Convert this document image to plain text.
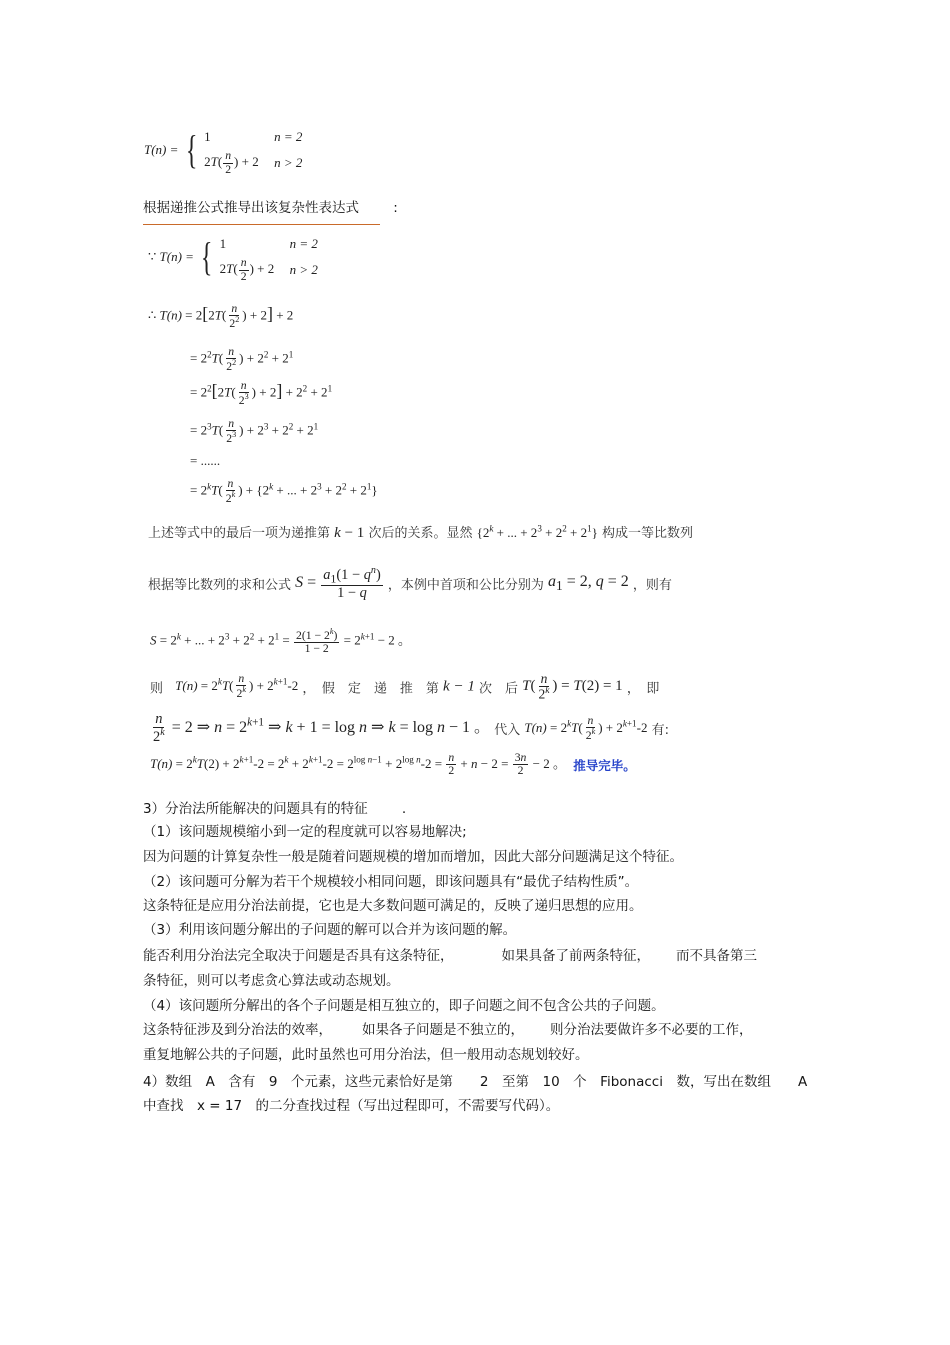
T(n) = { 1	n = 2
$2T( \frac{n}{2}$ ) + 2	n > 2
根据递推公式推导出该复杂性表达式	:
∵ T(n) = { 1	n = 2
$2T( \frac{n}{2}$ ) + 2	n > 2
∴ $T(n) = 2[2T( \frac{n}{2^2}$ ) + 2] + 2
= $2^2T( \frac{n}{2^2}$ ) + $2^2 + 2^1$
= $2^2[2T( \frac{n}{2^3}$ ) + $2] + 2^2 + 2^1$
= $2^3T( \frac{n}{2^3}$ ) + $2^3 + 2^2 + 2^1$
= ......
= $2^kT( \frac{n}{2^k}$ ) + {$2^k$ + ... + $2^3 + 2^2 + 2^1$}
上述等式中的最后一项为递推第 k − 1 次后的关系。显然 {$2^k$ + ... + $2^3 + 2^2 + 2^1$} 构成一等比数列
根据等比数列的求和公式 $S = \frac{a_1(1 - q^n)}{1 - q}$ ，本例中首项和公比分别为 $a_1 = 2$, q = 2 ，则有
$S = 2^k$ + ... + $2^3 + 2^2 + 2^1 = \frac{2(1 - 2^k)}{1 - 2} = 2^{k+1} - 2$ 。
则 $T(n) = 2^kT( \frac{n}{2^k}$ ) + $2^{k+1}-2$ ，　假　定　递　推　第 k − 1 次　后 $T( \frac{n}{2^k}$ ) = T(2) = 1 ，　即
$\frac{n}{2^k} = 2$ ⇒ $n = 2^{k+1}$ ⇒ k + 1 = log n ⇒ k = log n − 1 。 代入 $T(n) = 2^kT( \frac{n}{2^k}$ ) + $2^{k+1}-2$ 有:
$T(n) = 2^kT(2) + 2^{k+1}-2 = 2^k + 2^{k+1}-2 = 2^{log n-1} + 2^{log n}-2 = \frac{n}{2} + n - 2 = \frac{3n}{2} - 2$ 。 推导完毕。
3）分治法所能解决的问题具有的特征	.
（1）该问题规模缩小到一定的程度就可以容易地解决;
因为问题的计算复杂性一般是随着问题规模的增加而增加，因此大部分问题满足这个特征。
（2）该问题可分解为若干个规模较小相同问题，即该问题具有“最优子结构性质”。
这条特征是应用分治法前提，它也是大多数问题可满足的，反映了递归思想的应用。
（3）利用该问题分解出的子问题的解可以合并为该问题的解。
能否利用分治法完全取决于问题是否具有这条特征，	如果具备了前两条特征， 而不具备第三
条特征，则可以考虑贪心算法或动态规划。
（4）该问题所分解出的各个子问题是相互独立的，即子问题之间不包含公共的子问题。
这条特征涉及到分治法的效率， 如果各子问题是不独立的， 则分治法要做许多不必要的工作，
重复地解公共的子问题，此时虽然也可用分治法，但一般用动态规划较好。
4）数组　A　含有　9　个元素，这些元素恰好是第　　2　至第　10　个　Fibonacci　数，写出在数组　　A
中查找　x = 17　的二分查找过程（写出过程即可，不需要写代码）。
